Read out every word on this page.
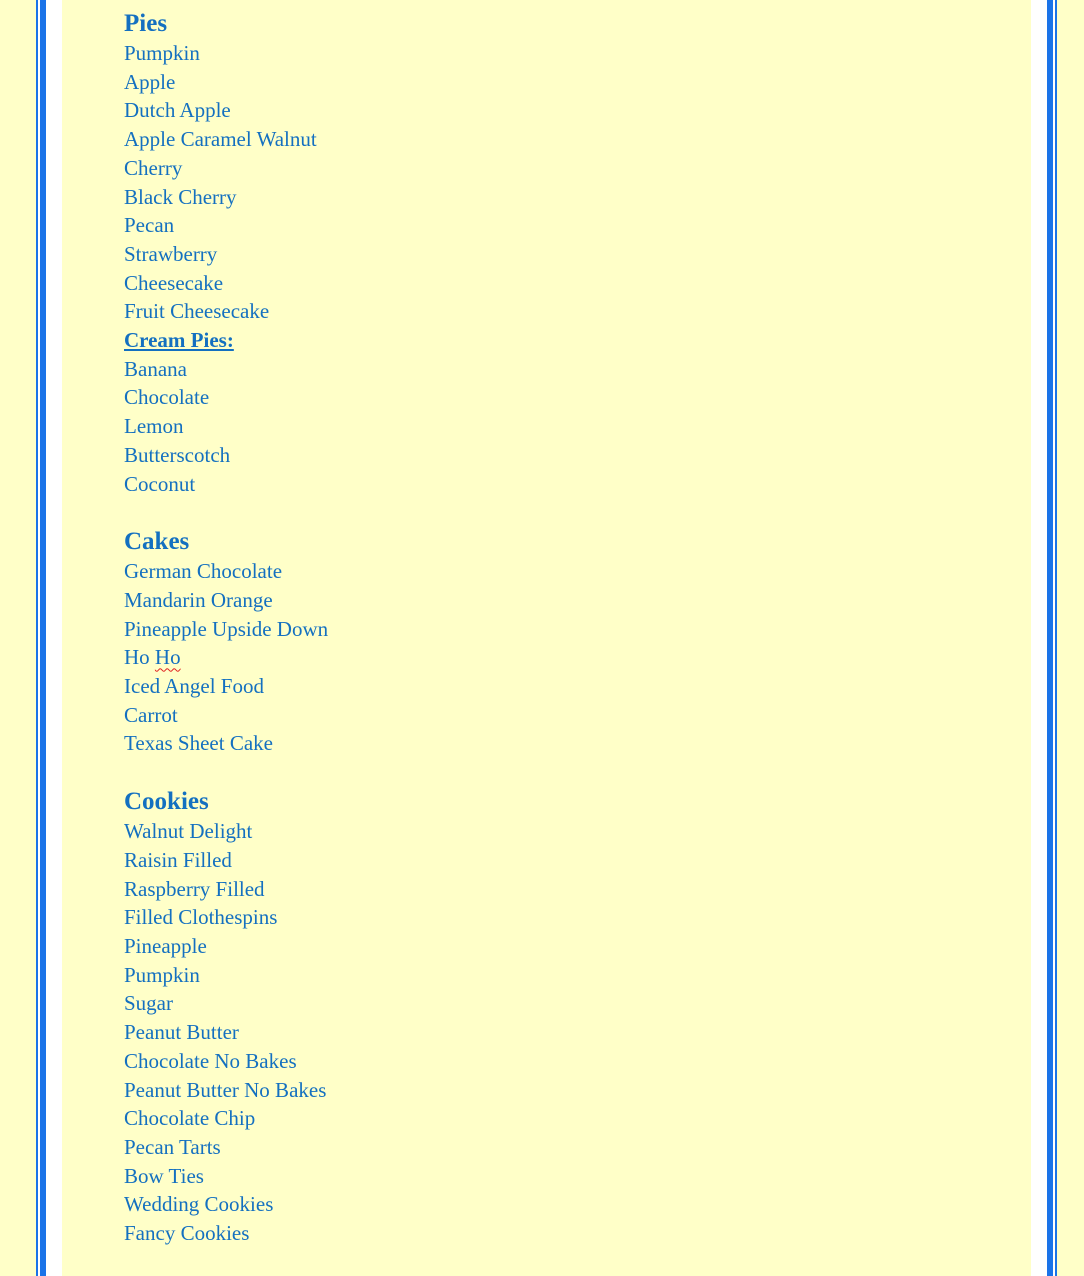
Pies

Pumpkin

Apple

Dutch Apple

Apple Caramel Walnut

Cherry

Black Cherry

Pecan

Strawberry

Cheesecake

Fruit Cheesecake

Cream Pies:

Banana

Chocolate

Lemon

Butterscotch

Coconut

Cakes

German Chocolate

Mandarin Orange

Pineapple Upside Down

Ho Ho

Iced Angel Food

Carrot

Texas Sheet Cake

Cookies

Walnut Delight

Raisin Filled

Raspberry Filled

Filled Clothespins

Pineapple

Pumpkin

Sugar

Peanut Butter

Chocolate No Bakes

Peanut Butter No Bakes

Chocolate Chip

Pecan Tarts

Bow Ties

Wedding Cookies

Fancy Cookies
